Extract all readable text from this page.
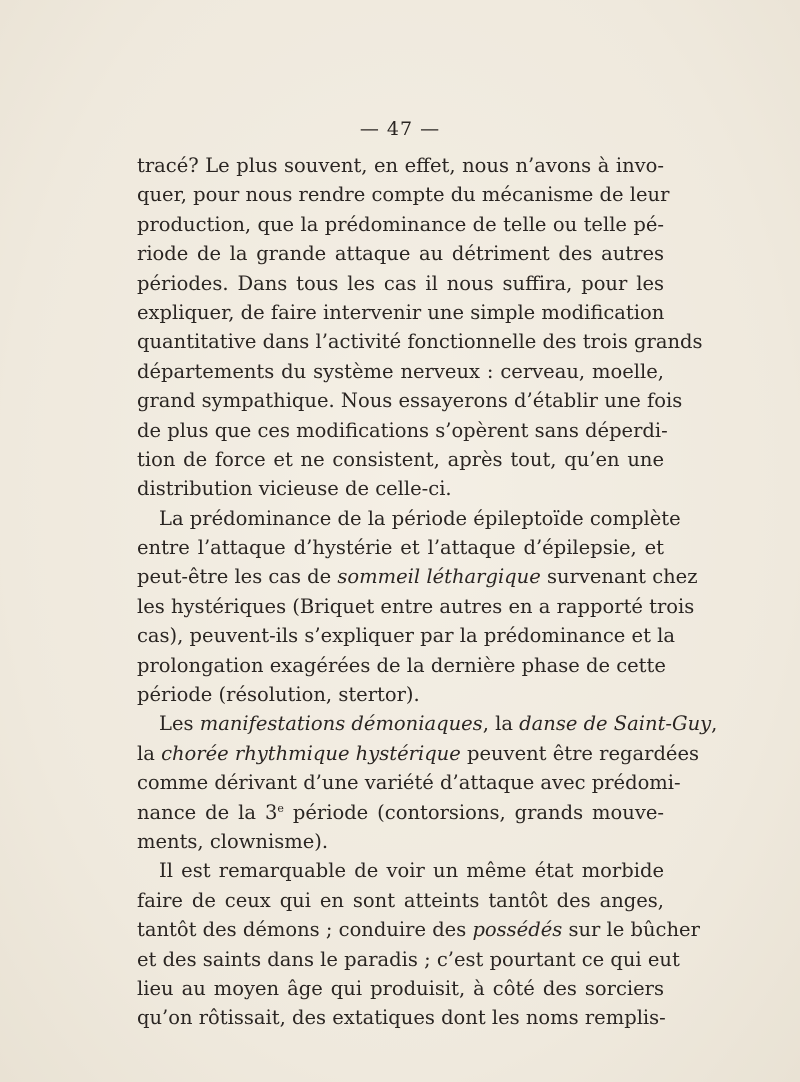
— 47 —
tracé? Le plus souvent, en effet, nous n’avons à invo-
quer, pour nous rendre compte du mécanisme de leur
production, que la prédominance de telle ou telle pé-
riode de la grande attaque au détriment des autres
périodes. Dans tous les cas il nous suffira, pour les
expliquer, de faire intervenir une simple modification
quantitative dans l’activité fonctionnelle des trois grands
départements du système nerveux : cerveau, moelle,
grand sympathique. Nous essayerons d’établir une fois
de plus que ces modifications s’opèrent sans déperdi-
tion de force et ne consistent, après tout, qu’en une
distribution vicieuse de celle-ci.
La prédominance de la période épileptoïde complète
entre l’attaque d’hystérie et l’attaque d’épilepsie, et
peut-être les cas de sommeil léthargique survenant chez
les hystériques (Briquet entre autres en a rapporté trois
cas), peuvent-ils s’expliquer par la prédominance et la
prolongation exagérées de la dernière phase de cette
période (résolution, stertor).
Les manifestations démoniaques, la danse de Saint-Guy,
la chorée rhythmique hystérique peuvent être regardées
comme dérivant d’une variété d’attaque avec prédomi-
nance de la 3e période (contorsions, grands mouve-
ments, clownisme).
Il est remarquable de voir un même état morbide
faire de ceux qui en sont atteints tantôt des anges,
tantôt des démons ; conduire des possédés sur le bûcher
et des saints dans le paradis ; c’est pourtant ce qui eut
lieu au moyen âge qui produisit, à côté des sorciers
qu’on rôtissait, des extatiques dont les noms remplis-
